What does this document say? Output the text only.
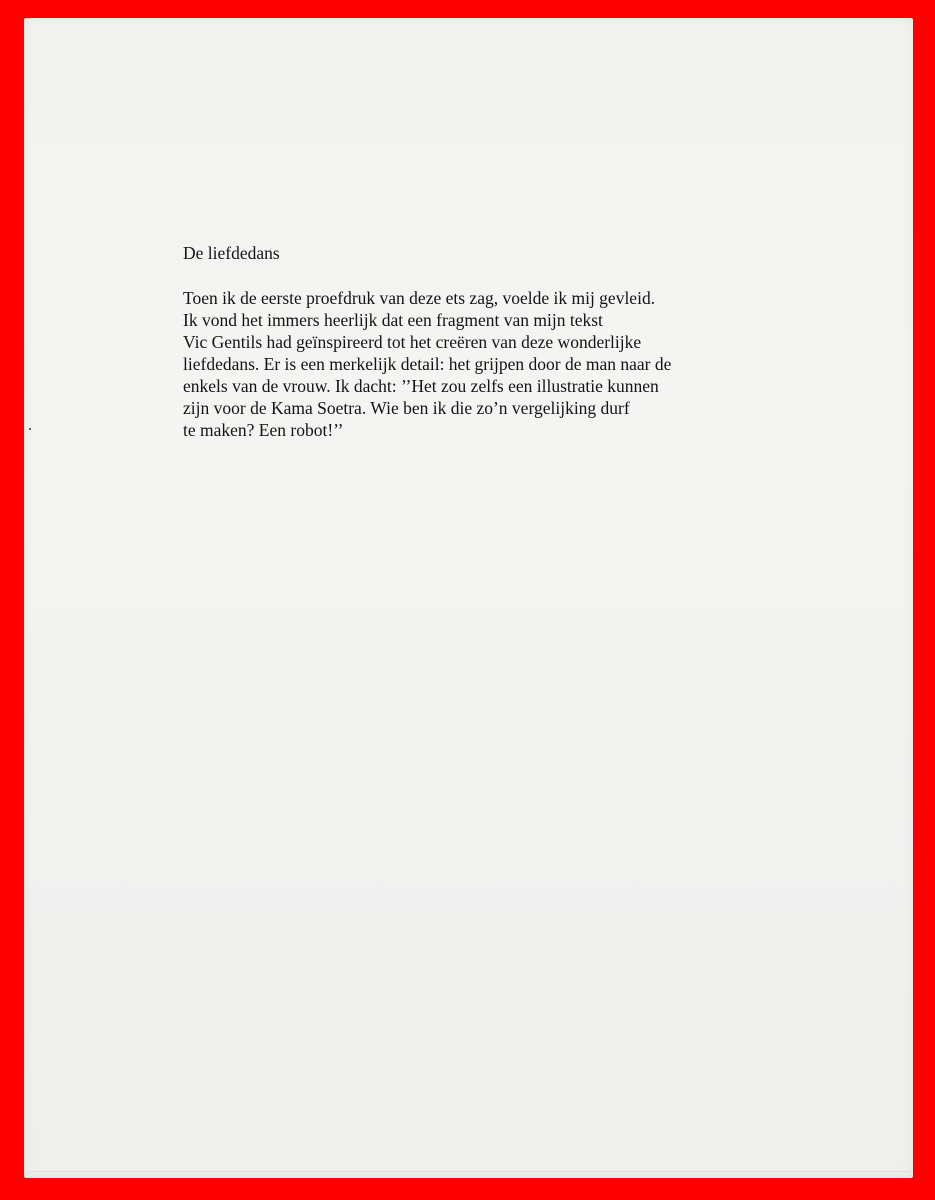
De liefdedans

Toen ik de eerste proefdruk van deze ets zag, voelde ik mij gevleid.
Ik vond het immers heerlijk dat een fragment van mijn tekst
Vic Gentils had geïnspireerd tot het creëren van deze wonderlijke
liefdedans. Er is een merkelijk detail: het grijpen door de man naar de
enkels van de vrouw. Ik dacht: ’’Het zou zelfs een illustratie kunnen
zijn voor de Kama Soetra. Wie ben ik die zo’n vergelijking durf
te maken? Een robot!’’
